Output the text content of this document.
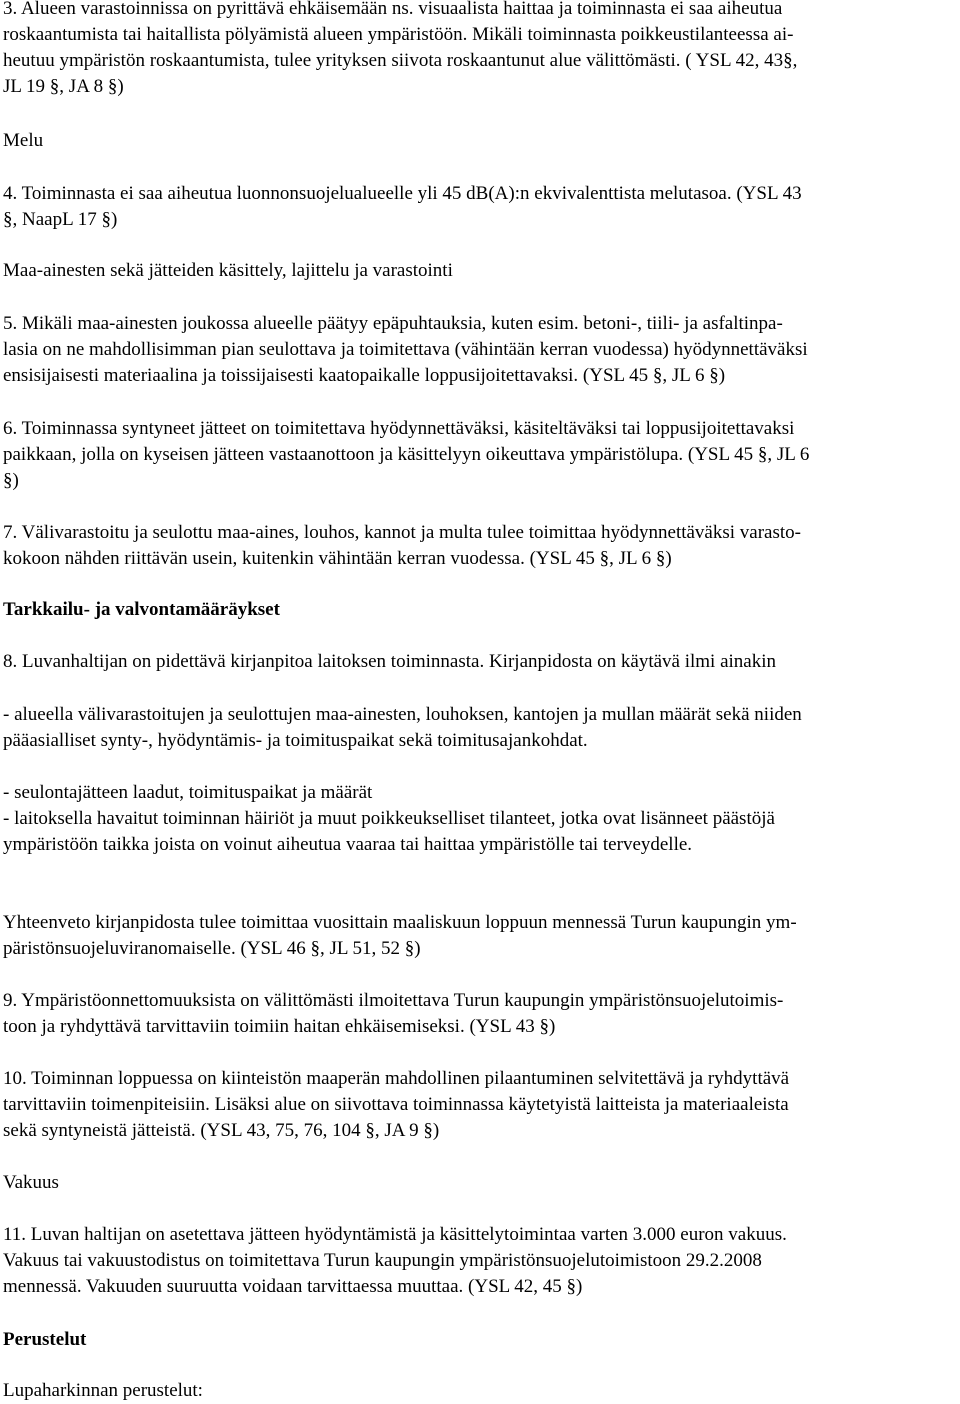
3. Alueen varastoinnissa on pyrittävä ehkäisemään ns. visuaalista haittaa ja toiminnasta ei saa aiheutua

roskaantumista tai haitallista pölyämistä alueen ympäristöön. Mikäli toiminnasta poikkeustilanteessa ai-

heutuu ympäristön roskaantumista, tulee yrityksen siivota roskaantunut alue välittömästi. ( YSL 42, 43§,

JL 19 §, JA 8 §)

Melu

4. Toiminnasta ei saa aiheutua luonnonsuojelualueelle yli 45 dB(A):n ekvivalenttista melutasoa. (YSL 43

§, NaapL 17 §)

Maa-ainesten sekä jätteiden käsittely, lajittelu ja varastointi

5. Mikäli maa-ainesten joukossa alueelle päätyy epäpuhtauksia, kuten esim. betoni-, tiili- ja asfaltinpa-

lasia on ne mahdollisimman pian seulottava ja toimitettava (vähintään kerran vuodessa) hyödynnettäväksi

ensisijaisesti materiaalina ja toissijaisesti kaatopaikalle loppusijoitettavaksi. (YSL 45 §, JL 6 §)

6. Toiminnassa syntyneet jätteet on toimitettava hyödynnettäväksi, käsiteltäväksi tai loppusijoitettavaksi

paikkaan, jolla on kyseisen jätteen vastaanottoon ja käsittelyyn oikeuttava ympäristölupa. (YSL 45 §, JL 6

§)

7. Välivarastoitu ja seulottu maa-aines, louhos, kannot ja multa tulee toimittaa hyödynnettäväksi varasto-

kokoon nähden riittävän usein, kuitenkin vähintään kerran vuodessa. (YSL 45 §, JL 6 §)

Tarkkailu- ja valvontamääräykset

8. Luvanhaltijan on pidettävä kirjanpitoa laitoksen toiminnasta. Kirjanpidosta on käytävä ilmi ainakin

- alueella välivarastoitujen ja seulottujen maa-ainesten, louhoksen, kantojen ja mullan määrät sekä niiden

pääasialliset synty-, hyödyntämis- ja toimituspaikat sekä toimitusajankohdat.

- seulontajätteen laadut, toimituspaikat ja määrät

- laitoksella havaitut toiminnan häiriöt ja muut poikkeukselliset tilanteet, jotka ovat lisänneet päästöjä

ympäristöön taikka joista on voinut aiheutua vaaraa tai haittaa ympäristölle tai terveydelle.

Yhteenveto kirjanpidosta tulee toimittaa vuosittain maaliskuun loppuun mennessä Turun kaupungin ym-

päristönsuojeluviranomaiselle. (YSL 46 §, JL 51, 52 §)

9. Ympäristöonnettomuuksista on välittömästi ilmoitettava Turun kaupungin ympäristönsuojelutoimis-

toon ja ryhdyttävä tarvittaviin toimiin haitan ehkäisemiseksi. (YSL 43 §)

10. Toiminnan loppuessa on kiinteistön maaperän mahdollinen pilaantuminen selvitettävä ja ryhdyttävä

tarvittaviin toimenpiteisiin. Lisäksi alue on siivottava toiminnassa käytetyistä laitteista ja materiaaleista

sekä syntyneistä jätteistä. (YSL 43, 75, 76, 104 §, JA 9 §)

Vakuus

11. Luvan haltijan on asetettava jätteen hyödyntämistä ja käsittelytoimintaa varten 3.000 euron vakuus.

Vakuus tai vakuustodistus on toimitettava Turun kaupungin ympäristönsuojelutoimistoon 29.2.2008

mennessä. Vakuuden suuruutta voidaan tarvittaessa muuttaa. (YSL 42, 45 §)

Perustelut

Lupaharkinnan perustelut:
